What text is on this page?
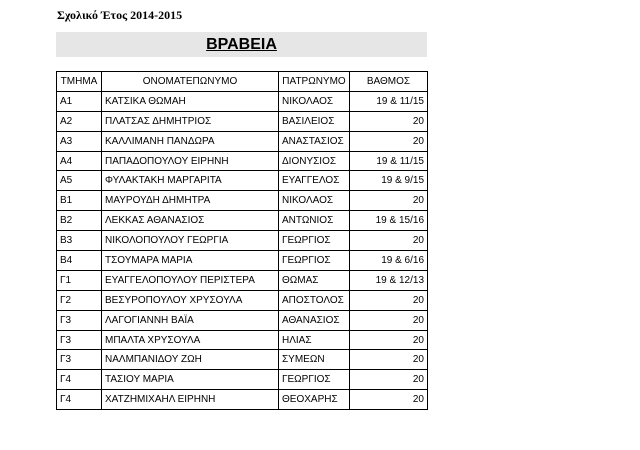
Σχολικό Έτος 2014-2015
ΒΡΑΒΕΙΑ
ΤΜΗΜΑ	ΟΝΟΜΑΤΕΠΩΝΥΜΟ	ΠΑΤΡΩΝΥΜΟ	ΒΑΘΜΟΣ
Α1	ΚΑΤΣΙΚΑ ΘΩΜΑΗ	ΝΙΚΟΛΑΟΣ	19 & 11/15
Α2	ΠΛΑΤΣΑΣ ΔΗΜΗΤΡΙΟΣ	ΒΑΣΙΛΕΙΟΣ	20
Α3	ΚΑΛΛΙΜΑΝΗ ΠΑΝΔΩΡΑ	ΑΝΑΣΤΑΣΙΟΣ	20
Α4	ΠΑΠΑΔΟΠΟΥΛΟΥ ΕΙΡΗΝΗ	ΔΙΟΝΥΣΙΟΣ	19 & 11/15
Α5	ΦΥΛΑΚΤΑΚΗ ΜΑΡΓΑΡΙΤΑ	ΕΥΑΓΓΕΛΟΣ	19 & 9/15
Β1	ΜΑΥΡΟΥΔΗ ΔΗΜΗΤΡΑ	ΝΙΚΟΛΑΟΣ	20
Β2	ΛΕΚΚΑΣ ΑΘΑΝΑΣΙΟΣ	ΑΝΤΩΝΙΟΣ	19 & 15/16
Β3	ΝΙΚΟΛΟΠΟΥΛΟΥ ΓΕΩΡΓΙΑ	ΓΕΩΡΓΙΟΣ	20
Β4	ΤΣΟΥΜΑΡΑ ΜΑΡΙΑ	ΓΕΩΡΓΙΟΣ	19 & 6/16
Γ1	ΕΥΑΓΓΕΛΟΠΟΥΛΟΥ ΠΕΡΙΣΤΕΡΑ	ΘΩΜΑΣ	19 & 12/13
Γ2	ΒΕΣΥΡΟΠΟΥΛΟΥ ΧΡΥΣΟΥΛΑ	ΑΠΟΣΤΟΛΟΣ	20
Γ3	ΛΑΓΟΓΙΑΝΝΗ ΒΑΪΑ	ΑΘΑΝΑΣΙΟΣ	20
Γ3	ΜΠΑΛΤΑ ΧΡΥΣΟΥΛΑ	ΗΛΙΑΣ	20
Γ3	ΝΑΛΜΠΑΝΙΔΟΥ ΖΩΗ	ΣΥΜΕΩΝ	20
Γ4	ΤΑΣΙΟΥ ΜΑΡΙΑ	ΓΕΩΡΓΙΟΣ	20
Γ4	ΧΑΤΖΗΜΙΧΑΗΛ ΕΙΡΗΝΗ	ΘΕΟΧΑΡΗΣ	20
